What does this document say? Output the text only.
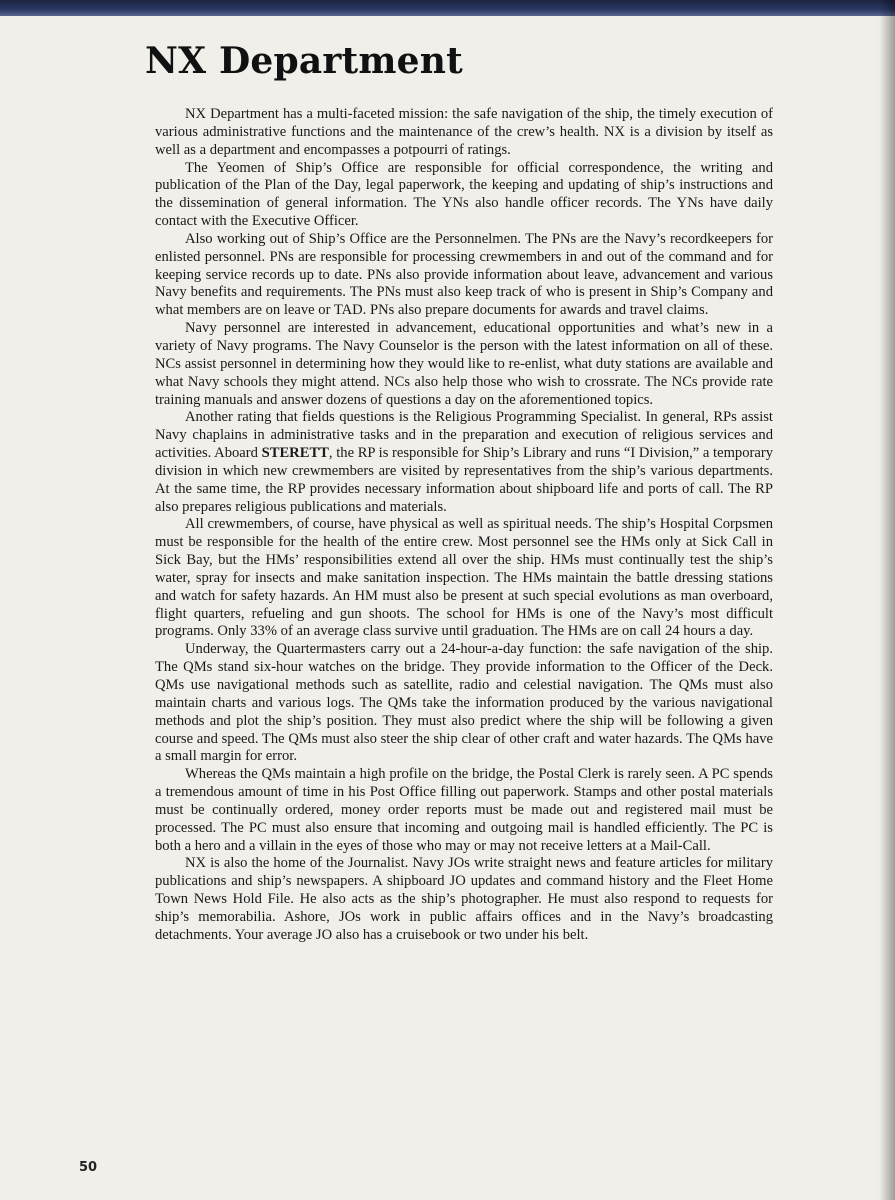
NX Department

NX Department has a multi-faceted mission: the safe navigation of the ship, the timely execution of various administrative functions and the maintenance of the crew’s health. NX is a division by itself as well as a department and encompasses a potpourri of ratings.

The Yeomen of Ship’s Office are responsible for official correspondence, the writing and publication of the Plan of the Day, legal paperwork, the keeping and updating of ship’s instructions and the dissemination of general information. The YNs also handle officer records. The YNs have daily contact with the Executive Officer.

Also working out of Ship’s Office are the Personnelmen. The PNs are the Navy’s recordkeepers for enlisted personnel. PNs are responsible for processing crewmembers in and out of the command and for keeping service records up to date. PNs also provide information about leave, advancement and various Navy benefits and requirements. The PNs must also keep track of who is present in Ship’s Company and what members are on leave or TAD. PNs also prepare documents for awards and travel claims.

Navy personnel are interested in advancement, educational opportunities and what’s new in a variety of Navy programs. The Navy Counselor is the person with the latest information on all of these. NCs assist personnel in determining how they would like to re-enlist, what duty stations are available and what Navy schools they might attend. NCs also help those who wish to crossrate. The NCs provide rate training manuals and answer dozens of questions a day on the aforementioned topics.

Another rating that fields questions is the Religious Programming Specialist. In general, RPs assist Navy chaplains in administrative tasks and in the preparation and execution of religious services and activities. Aboard STERETT, the RP is responsible for Ship’s Library and runs “I Division,” a temporary division in which new crewmembers are visited by representatives from the ship’s various departments. At the same time, the RP provides necessary information about shipboard life and ports of call. The RP also prepares religious publications and materials.

All crewmembers, of course, have physical as well as spiritual needs. The ship’s Hospital Corpsmen must be responsible for the health of the entire crew. Most personnel see the HMs only at Sick Call in Sick Bay, but the HMs’ responsibilities extend all over the ship. HMs must continually test the ship’s water, spray for insects and make sanitation inspection. The HMs maintain the battle dressing stations and watch for safety hazards. An HM must also be present at such special evolutions as man overboard, flight quarters, refueling and gun shoots. The school for HMs is one of the Navy’s most difficult programs. Only 33% of an average class survive until graduation. The HMs are on call 24 hours a day.

Underway, the Quartermasters carry out a 24-hour-a-day function: the safe navigation of the ship. The QMs stand six-hour watches on the bridge. They provide information to the Officer of the Deck. QMs use navigational methods such as satellite, radio and celestial navigation. The QMs must also maintain charts and various logs. The QMs take the information produced by the various navigational methods and plot the ship’s position. They must also predict where the ship will be following a given course and speed. The QMs must also steer the ship clear of other craft and water hazards. The QMs have a small margin for error.

Whereas the QMs maintain a high profile on the bridge, the Postal Clerk is rarely seen. A PC spends a tremendous amount of time in his Post Office filling out paperwork. Stamps and other postal materials must be continually ordered, money order reports must be made out and registered mail must be processed. The PC must also ensure that incoming and outgoing mail is handled efficiently. The PC is both a hero and a villain in the eyes of those who may or may not receive letters at a Mail-Call.

NX is also the home of the Journalist. Navy JOs write straight news and feature articles for military publications and ship’s newspapers. A shipboard JO updates and command history and the Fleet Home Town News Hold File. He also acts as the ship’s photographer. He must also respond to requests for ship’s memorabilia. Ashore, JOs work in public affairs offices and in the Navy’s broadcasting detachments. Your average JO also has a cruisebook or two under his belt.

50
